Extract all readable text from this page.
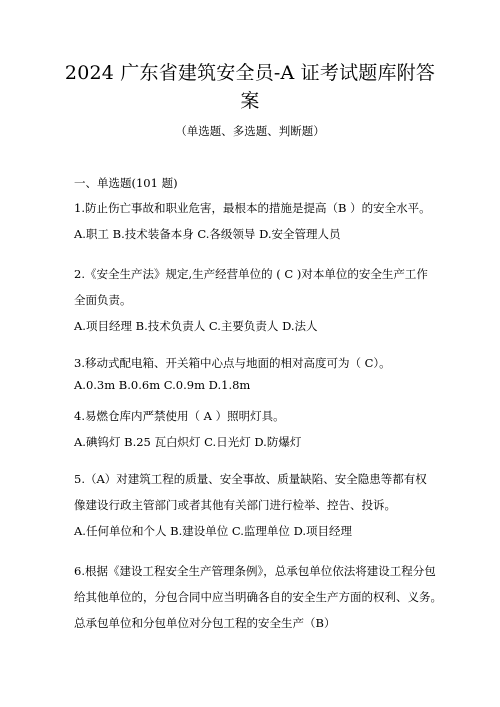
2024 广东省建筑安全员-A 证考试题库附答
案
（单选题、多选题、判断题）
一、单选题(101 题)
1.防止伤亡事故和职业危害，最根本的措施是提高（B ）的安全水平。
A.职工 B.技术装备本身 C.各级领导 D.安全管理人员
2.《安全生产法》规定,生产经营单位的 ( C )对本单位的安全生产工作
全面负责。
A.项目经理 B.技术负责人 C.主要负责人 D.法人
3.移动式配电箱、开关箱中心点与地面的相对高度可为（ C）。
A.0.3m B.0.6m C.0.9m D.1.8m
4.易燃仓库内严禁使用（ A ）照明灯具。
A.碘钨灯 B.25 瓦白炽灯 C.日光灯 D.防爆灯
5.（A）对建筑工程的质量、安全事故、质量缺陷、安全隐患等都有权
像建设行政主管部门或者其他有关部门进行检举、控告、投诉。
A.任何单位和个人 B.建设单位 C.监理单位 D.项目经理
6.根据《建设工程安全生产管理条例》，总承包单位依法将建设工程分包
给其他单位的，分包合同中应当明确各自的安全生产方面的权利、义务。
总承包单位和分包单位对分包工程的安全生产（B）
